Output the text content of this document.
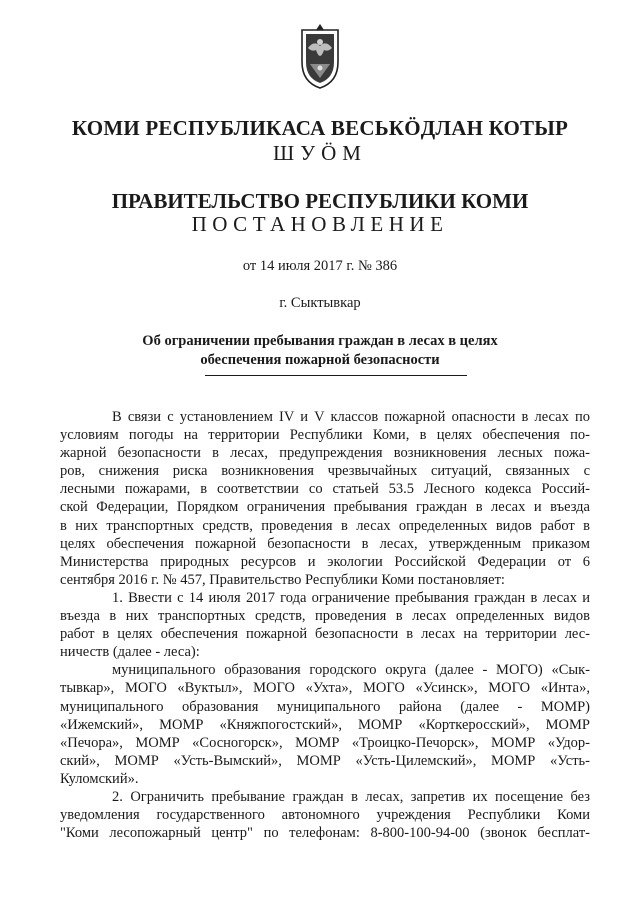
КОМИ РЕСПУБЛИКАСА ВЕСЬКӦДЛАН КОТЫР
ШУÖМ
ПРАВИТЕЛЬСТВО РЕСПУБЛИКИ КОМИ
ПОСТАНОВЛЕНИЕ
от 14 июля 2017 г. № 386
г. Сыктывкар
Об ограничении пребывания граждан в лесах в целях
обеспечения пожарной безопасности

В связи с установлением IV и V классов пожарной опасности в лесах по

условиям погоды на территории Республики Коми, в целях обеспечения по-

жарной безопасности в лесах, предупреждения возникновения лесных пожа-

ров, снижения риска возникновения чрезвычайных ситуаций, связанных с

лесными пожарами, в соответствии со статьей 53.5 Лесного кодекса Россий-

ской Федерации, Порядком ограничения пребывания граждан в лесах и въезда

в них транспортных средств, проведения в лесах определенных видов работ в

целях обеспечения пожарной безопасности в лесах, утвержденным приказом

Министерства природных ресурсов и экологии Российской Федерации от 6

сентября 2016 г. № 457, Правительство Республики Коми постановляет:

1. Ввести с 14 июля 2017 года ограничение пребывания граждан в лесах и

въезда в них транспортных средств, проведения в лесах определенных видов

работ в целях обеспечения пожарной безопасности в лесах на территории лес-

ничеств (далее - леса):

муниципального образования городского округа (далее - МОГО) «Сык-

тывкар», МОГО «Вуктыл», МОГО «Ухта», МОГО «Усинск», МОГО «Инта»,

муниципального образования муниципального района (далее - МОМР)

«Ижемский», МОМР «Княжпогостский», МОМР «Корткеросский», МОМР

«Печора», МОМР «Сосногорск», МОМР «Троицко-Печорск», МОМР «Удор-

ский», МОМР «Усть-Вымский», МОМР «Усть-Цилемский», МОМР «Усть-

Куломский».

2. Ограничить пребывание граждан в лесах, запретив их посещение без

уведомления государственного автономного учреждения Республики Коми

"Коми лесопожарный центр" по телефонам: 8-800-100-94-00 (звонок бесплат-
